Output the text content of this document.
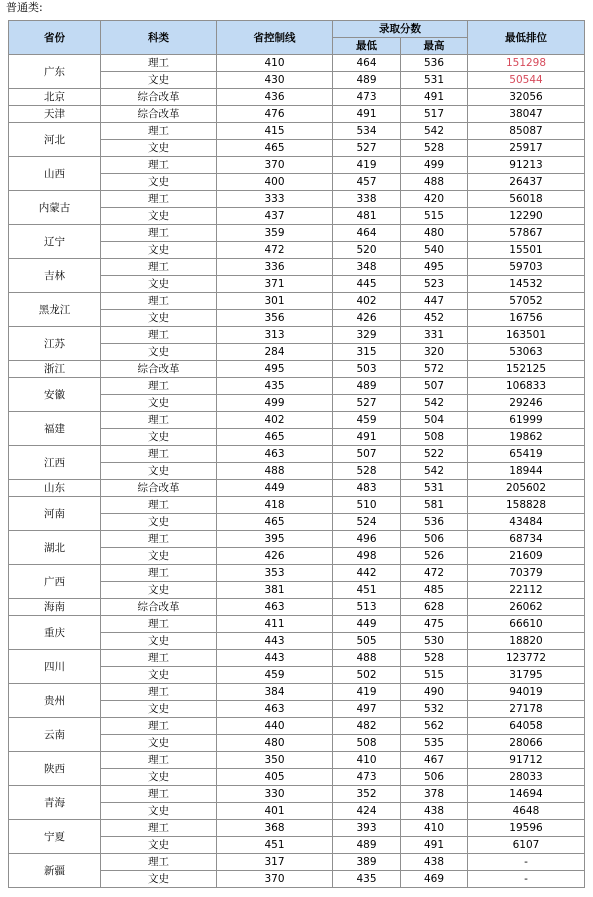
普通类:
省份	科类	省控制线	录取分数		最低排位
			最低	最高	
广东	理工	410	464	536	151298
	文史	430	489	531	50544
北京	综合改革	436	473	491	32056
天津	综合改革	476	491	517	38047
河北	理工	415	534	542	85087
	文史	465	527	528	25917
山西	理工	370	419	499	91213
	文史	400	457	488	26437
内蒙古	理工	333	338	420	56018
	文史	437	481	515	12290
辽宁	理工	359	464	480	57867
	文史	472	520	540	15501
吉林	理工	336	348	495	59703
	文史	371	445	523	14532
黑龙江	理工	301	402	447	57052
	文史	356	426	452	16756
江苏	理工	313	329	331	163501
	文史	284	315	320	53063
浙江	综合改革	495	503	572	152125
安徽	理工	435	489	507	106833
	文史	499	527	542	29246
福建	理工	402	459	504	61999
	文史	465	491	508	19862
江西	理工	463	507	522	65419
	文史	488	528	542	18944
山东	综合改革	449	483	531	205602
河南	理工	418	510	581	158828
	文史	465	524	536	43484
湖北	理工	395	496	506	68734
	文史	426	498	526	21609
广西	理工	353	442	472	70379
	文史	381	451	485	22112
海南	综合改革	463	513	628	26062
重庆	理工	411	449	475	66610
	文史	443	505	530	18820
四川	理工	443	488	528	123772
	文史	459	502	515	31795
贵州	理工	384	419	490	94019
	文史	463	497	532	27178
云南	理工	440	482	562	64058
	文史	480	508	535	28066
陕西	理工	350	410	467	91712
	文史	405	473	506	28033
青海	理工	330	352	378	14694
	文史	401	424	438	4648
宁夏	理工	368	393	410	19596
	文史	451	489	491	6107
新疆	理工	317	389	438	-
	文史	370	435	469	-
